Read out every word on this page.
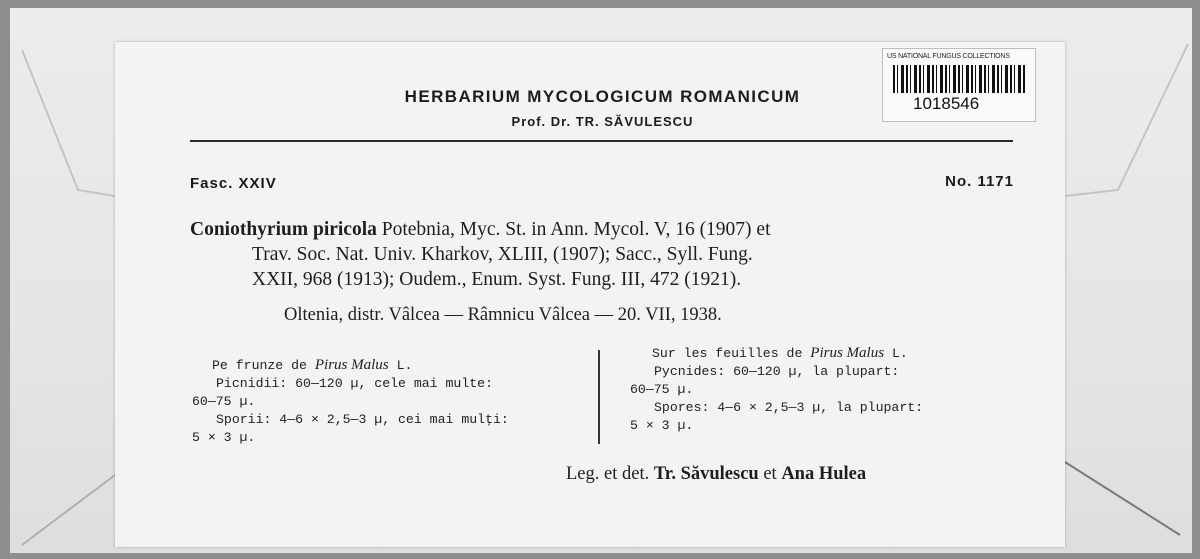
US NATIONAL FUNGUS COLLECTIONS
1018546
HERBARIUM MYCOLOGICUM ROMANICUM
Prof. Dr. TR. SĂVULESCU
Fasc. XXIV	No. 1171
Coniothyrium piricola Potebnia, Myc. St. in Ann. Mycol. V, 16 (1907) et
Trav. Soc. Nat. Univ. Kharkov, XLIII, (1907); Sacc., Syll. Fung.
XXII, 968 (1913); Oudem., Enum. Syst. Fung. III, 472 (1921).
Oltenia, distr. Vâlcea — Râmnicu Vâlcea — 20. VII, 1938.
Pe frunze de Pirus Malus L.
Picnidii: 60—120 µ, cele mai multe:
60—75 µ.
Sporii: 4—6 × 2,5—3 µ, cei mai mulţi:
5 × 3 µ.
Sur les feuilles de Pirus Malus L.
Pycnides: 60—120 µ, la plupart:
60—75 µ.
Spores: 4—6 × 2,5—3 µ, la plupart:
5 × 3 µ.
Leg. et det. Tr. Săvulescu et Ana Hulea
